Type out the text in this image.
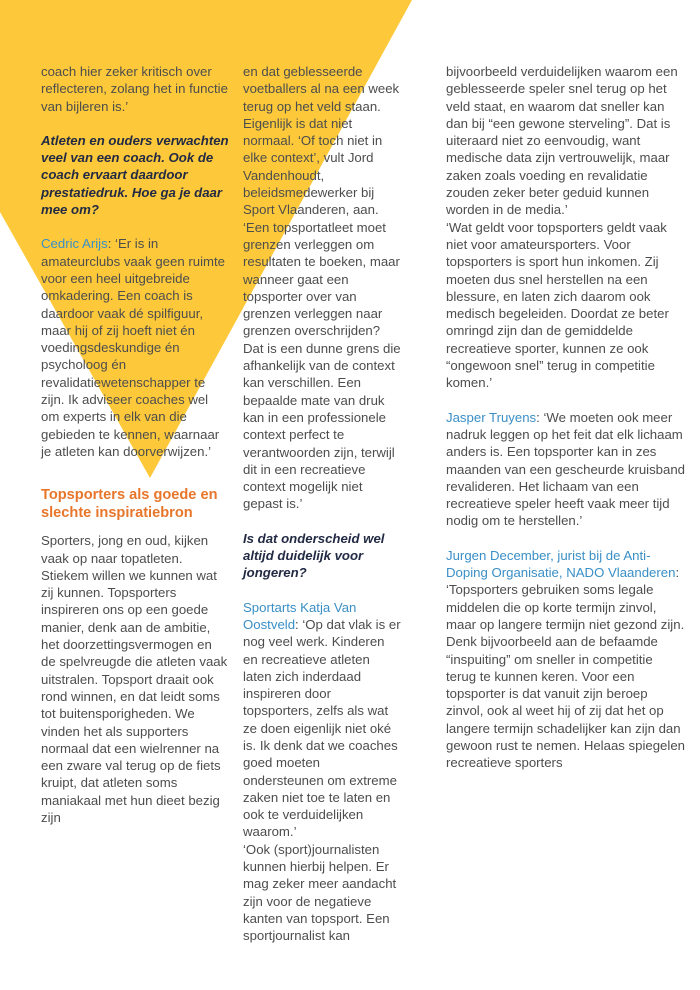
coach hier zeker kritisch over reflecteren, zolang het in functie van bijleren is.’

Atleten en ouders verwachten veel van een coach. Ook de coach ervaart daardoor prestatiedruk. Hoe ga je daar mee om?

Cedric Arijs: ‘Er is in amateurclubs vaak geen ruimte voor een heel uitgebreide omkadering. Een coach is daardoor vaak dé spilfiguur, maar hij of zij hoeft niet én voedingsdeskundige én psycholoog én revalidatiewetenschapper te zijn. Ik adviseer coaches wel om experts in elk van die gebieden te kennen, waarnaar je atleten kan doorverwijzen.’

Topsporters als goede en slechte inspiratiebron

Sporters, jong en oud, kijken vaak op naar topatleten. Stiekem willen we kunnen wat zij kunnen. Topsporters inspireren ons op een goede manier, denk aan de ambitie, het doorzettingsvermogen en de spelvreugde die atleten vaak uitstralen. Topsport draait ook rond winnen, en dat leidt soms tot buitensporigheden. We vinden het als supporters normaal dat een wielrenner na een zware val terug op de fiets kruipt, dat atleten soms maniakaal met hun dieet bezig zijn

en dat geblesseerde voetballers al na een week terug op het veld staan. Eigenlijk is dat niet normaal. ‘Of toch niet in elke context’, vult Jord Vandenhoudt, beleidsmedewerker bij Sport Vlaanderen, aan. ‘Een topsportatleet moet grenzen verleggen om resultaten te boeken, maar wanneer gaat een topsporter over van grenzen verleggen naar grenzen overschrijden? Dat is een dunne grens die afhankelijk van de context kan verschillen. Een bepaalde mate van druk kan in een professionele context perfect te verantwoorden zijn, terwijl dit in een recreatieve context mogelijk niet gepast is.’

Is dat onderscheid wel altijd duidelijk voor jongeren?

Sportarts Katja Van Oostveld: ‘Op dat vlak is er nog veel werk. Kinderen en recreatieve atleten laten zich inderdaad inspireren door topsporters, zelfs als wat ze doen eigenlijk niet oké is. Ik denk dat we coaches goed moeten ondersteunen om extreme zaken niet toe te laten en ook te verduidelijken waarom.’

‘Ook (sport)journalisten kunnen hierbij helpen. Er mag zeker meer aandacht zijn voor de negatieve kanten van topsport. Een sportjournalist kan

bijvoorbeeld verduidelijken waarom een geblesseerde speler snel terug op het veld staat, en waarom dat sneller kan dan bij “een gewone sterveling”. Dat is uiteraard niet zo eenvoudig, want medische data zijn vertrouwelijk, maar zaken zoals voeding en revalidatie zouden zeker beter geduid kunnen worden in de media.’

‘Wat geldt voor topsporters geldt vaak niet voor amateursporters. Voor topsporters is sport hun inkomen. Zij moeten dus snel herstellen na een blessure, en laten zich daarom ook medisch begeleiden. Doordat ze beter omringd zijn dan de gemiddelde recreatieve sporter, kunnen ze ook “ongewoon snel” terug in competitie komen.’

Jasper Truyens: ‘We moeten ook meer nadruk leggen op het feit dat elk lichaam anders is. Een topsporter kan in zes maanden van een gescheurde kruisband revalideren. Het lichaam van een recreatieve speler heeft vaak meer tijd nodig om te herstellen.’

Jurgen December, jurist bij de Anti-Doping Organisatie, NADO Vlaanderen: ‘Topsporters gebruiken soms legale middelen die op korte termijn zinvol, maar op langere termijn niet gezond zijn. Denk bijvoorbeeld aan de befaamde “inspuiting” om sneller in competitie terug te kunnen keren. Voor een topsporter is dat vanuit zijn beroep zinvol, ook al weet hij of zij dat het op langere termijn schadelijker kan zijn dan gewoon rust te nemen. Helaas spiegelen recreatieve sporters
